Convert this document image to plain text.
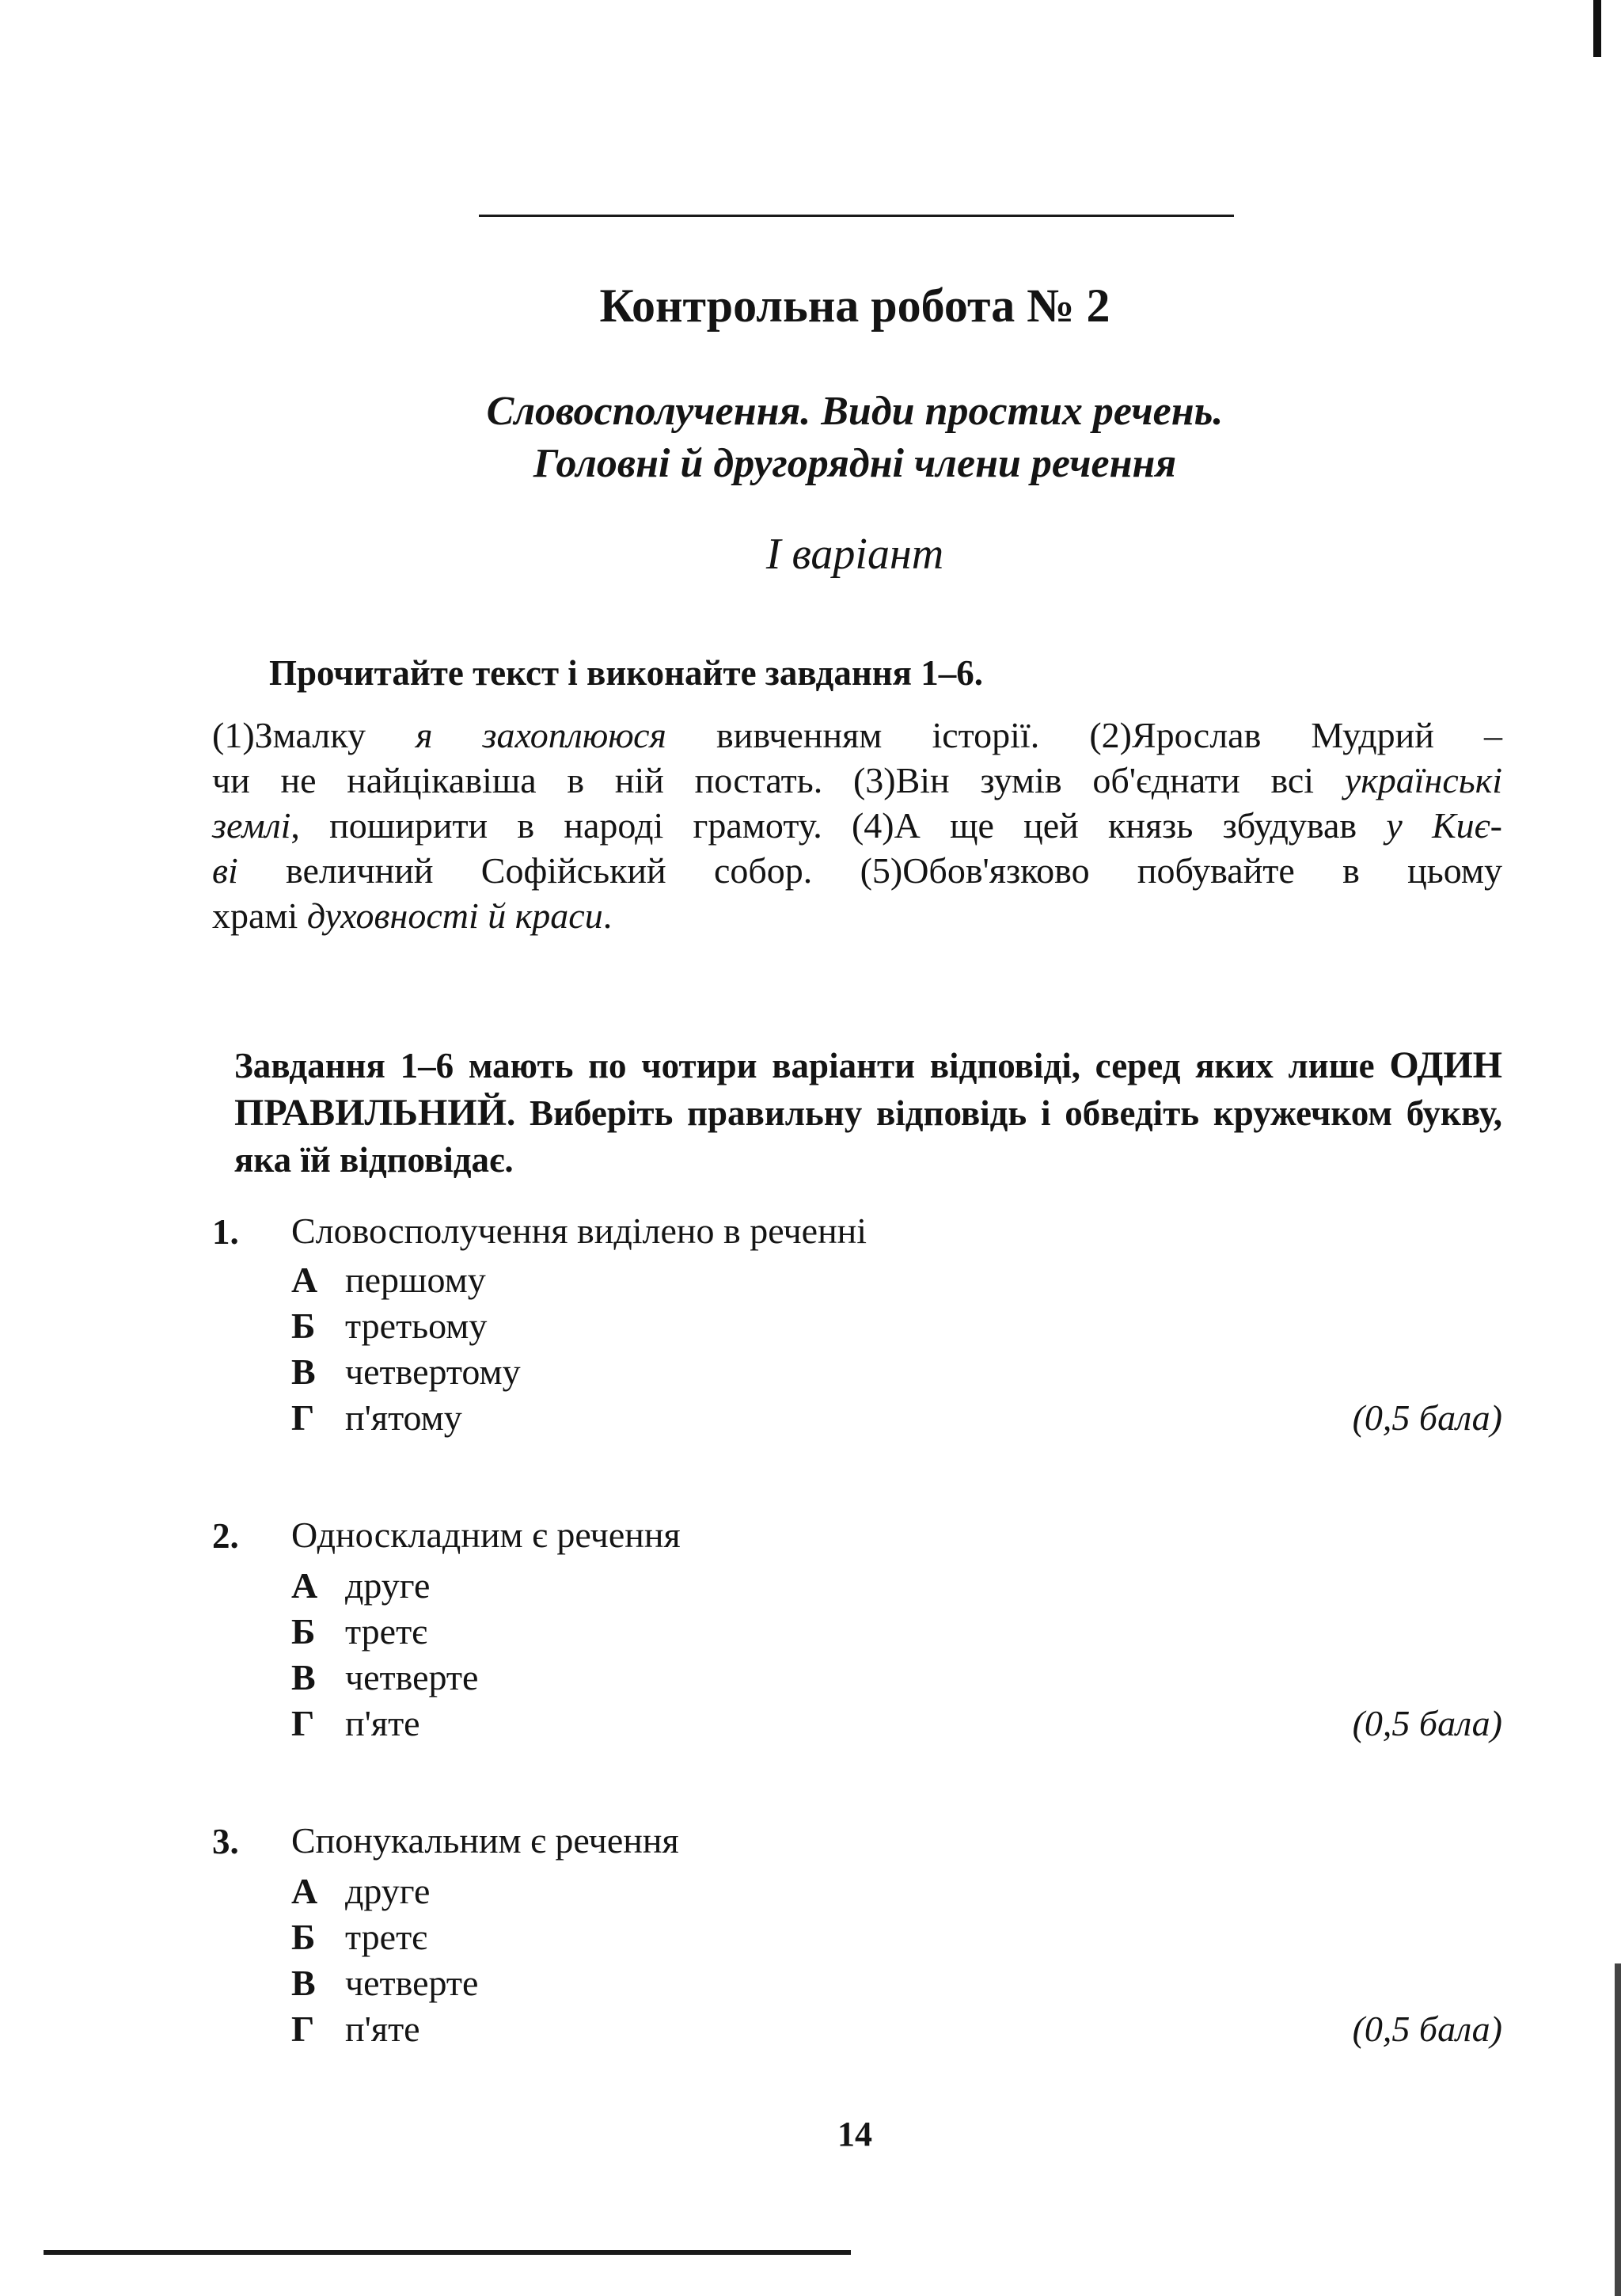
Контрольна робота № 2
Словосполучення. Види простих речень.
Головні й другорядні члени речення
I варіант
Прочитайте текст і виконайте завдання 1–6.
(1)Змалку я захоплююся вивченням історії. (2)Ярослав Мудрий –
чи не найцікавіша в ній постать. (3)Він зумів об'єднати всі українські
землі, поширити в народі грамоту. (4)А ще цей князь збудував у Киє-
ві величний Софійський собор. (5)Обов'язково побувайте в цьому
храмі духовності й краси.
Завдання 1–6 мають по чотири варіанти відповіді, серед яких лише ОДИН ПРАВИЛЬНИЙ. Виберіть правильну відповідь і обведіть кружечком букву, яка їй відповідає.
1. Словосполучення виділено в реченні
А першому
Б третьому
В четвертому
Г п'ятому	(0,5 бала)
2. Односкладним є речення
А друге
Б третє
В четверте
Г п'яте	(0,5 бала)
3. Спонукальним є речення
А друге
Б третє
В четверте
Г п'яте	(0,5 бала)
14
